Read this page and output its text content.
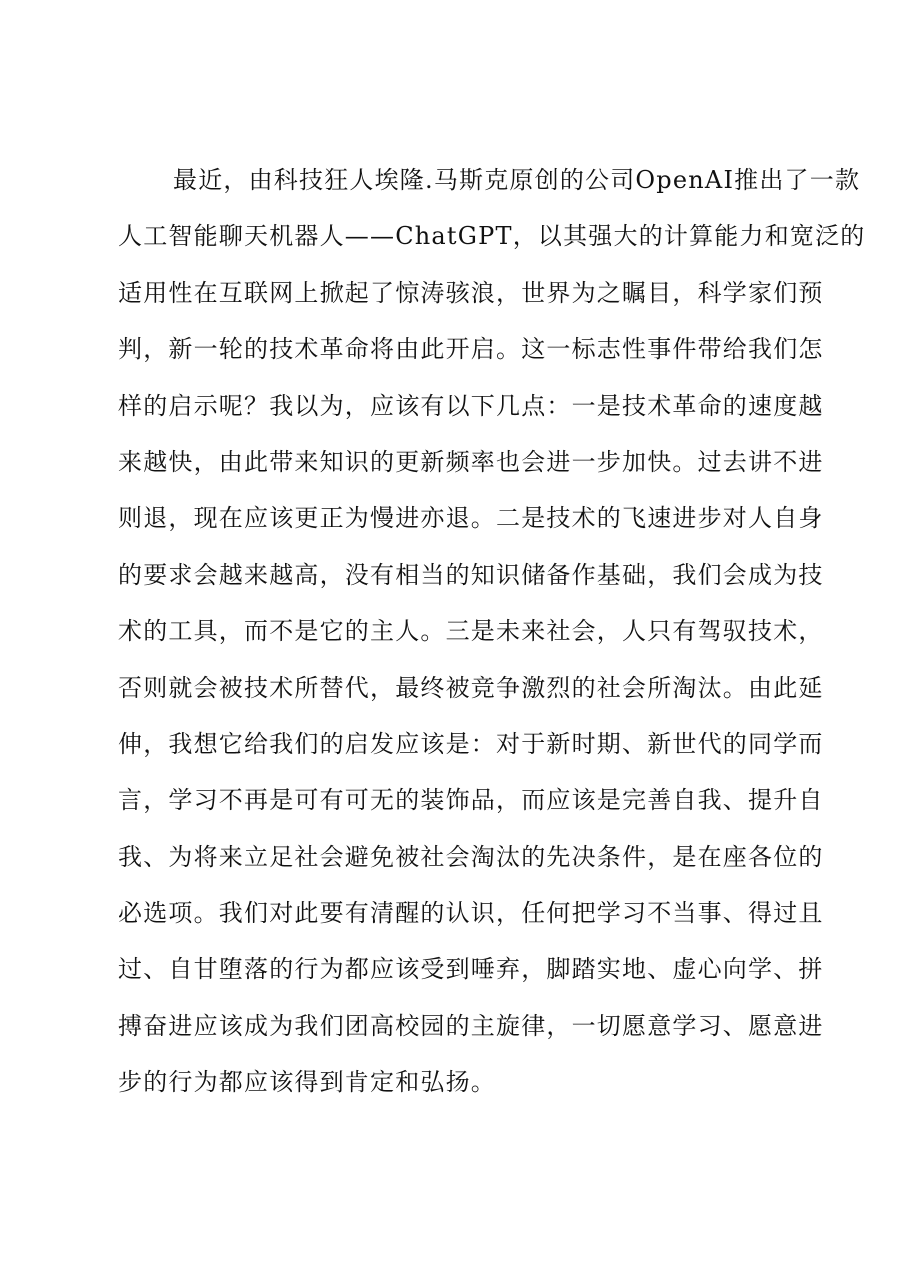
最近，由科技狂人埃隆.马斯克原创的公司OpenAI推出了一款
人工智能聊天机器人——ChatGPT，以其强大的计算能力和宽泛的
适用性在互联网上掀起了惊涛骇浪，世界为之瞩目，科学家们预
判，新一轮的技术革命将由此开启。这一标志性事件带给我们怎
样的启示呢？我以为，应该有以下几点：一是技术革命的速度越
来越快，由此带来知识的更新频率也会进一步加快。过去讲不进
则退，现在应该更正为慢进亦退。二是技术的飞速进步对人自身
的要求会越来越高，没有相当的知识储备作基础，我们会成为技
术的工具，而不是它的主人。三是未来社会，人只有驾驭技术，
否则就会被技术所替代，最终被竞争激烈的社会所淘汰。由此延
伸，我想它给我们的启发应该是：对于新时期、新世代的同学而
言，学习不再是可有可无的装饰品，而应该是完善自我、提升自
我、为将来立足社会避免被社会淘汰的先决条件，是在座各位的
必选项。我们对此要有清醒的认识，任何把学习不当事、得过且
过、自甘堕落的行为都应该受到唾弃，脚踏实地、虚心向学、拼
搏奋进应该成为我们团高校园的主旋律，一切愿意学习、愿意进
步的行为都应该得到肯定和弘扬。
